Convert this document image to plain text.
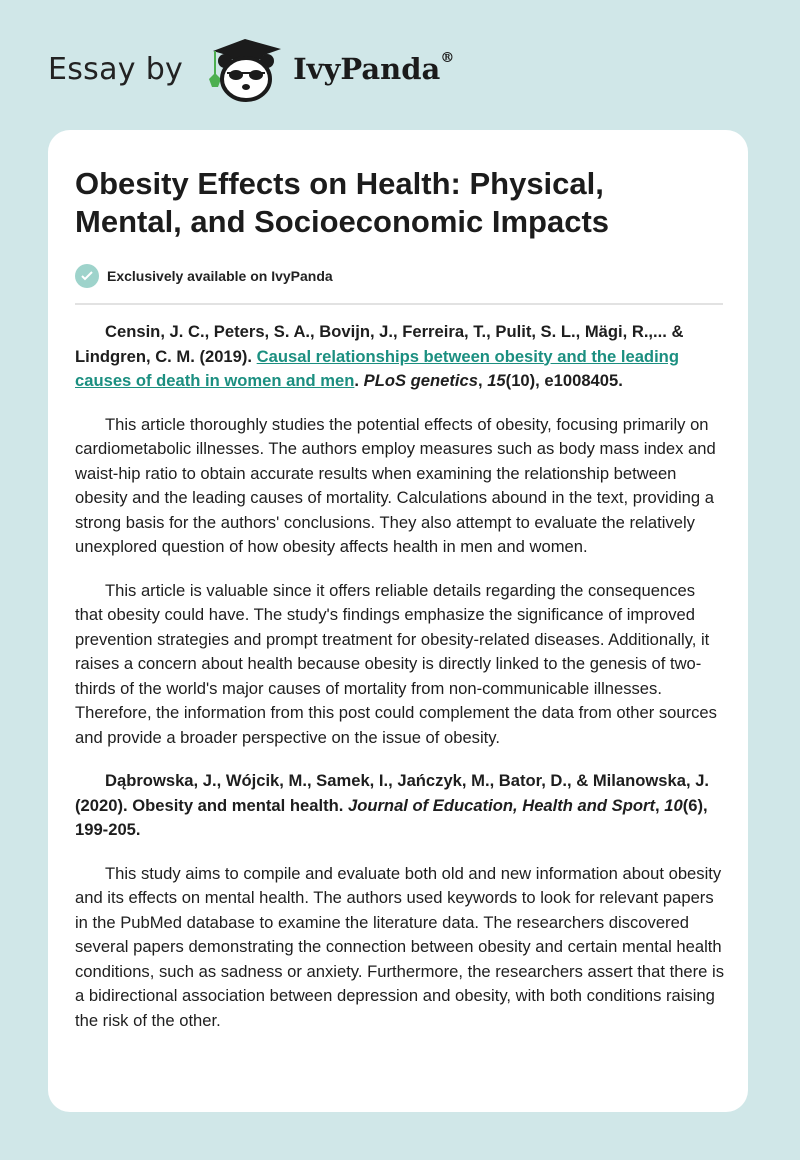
Essay by	IvyPanda®
Obesity Effects on Health: Physical, Mental, and Socioeconomic Impacts
Exclusively available on IvyPanda

Censin, J. C., Peters, S. A., Bovijn, J., Ferreira, T., Pulit, S. L., Mägi, R.,... & Lindgren, C. M. (2019). Causal relationships between obesity and the leading causes of death in women and men. PLoS genetics, 15(10), e1008405.

This article thoroughly studies the potential effects of obesity, focusing primarily on cardiometabolic illnesses. The authors employ measures such as body mass index and waist-hip ratio to obtain accurate results when examining the relationship between obesity and the leading causes of mortality. Calculations abound in the text, providing a strong basis for the authors' conclusions. They also attempt to evaluate the relatively unexplored question of how obesity affects health in men and women.

This article is valuable since it offers reliable details regarding the consequences that obesity could have. The study's findings emphasize the significance of improved prevention strategies and prompt treatment for obesity-related diseases. Additionally, it raises a concern about health because obesity is directly linked to the genesis of two-thirds of the world's major causes of mortality from non-communicable illnesses. Therefore, the information from this post could complement the data from other sources and provide a broader perspective on the issue of obesity.

Dąbrowska, J., Wójcik, M., Samek, I., Jańczyk, M., Bator, D., & Milanowska, J. (2020). Obesity and mental health. Journal of Education, Health and Sport, 10(6), 199-205.

This study aims to compile and evaluate both old and new information about obesity and its effects on mental health. The authors used keywords to look for relevant papers in the PubMed database to examine the literature data. The researchers discovered several papers demonstrating the connection between obesity and certain mental health conditions, such as sadness or anxiety. Furthermore, the researchers assert that there is a bidirectional association between depression and obesity, with both conditions raising the risk of the other.
